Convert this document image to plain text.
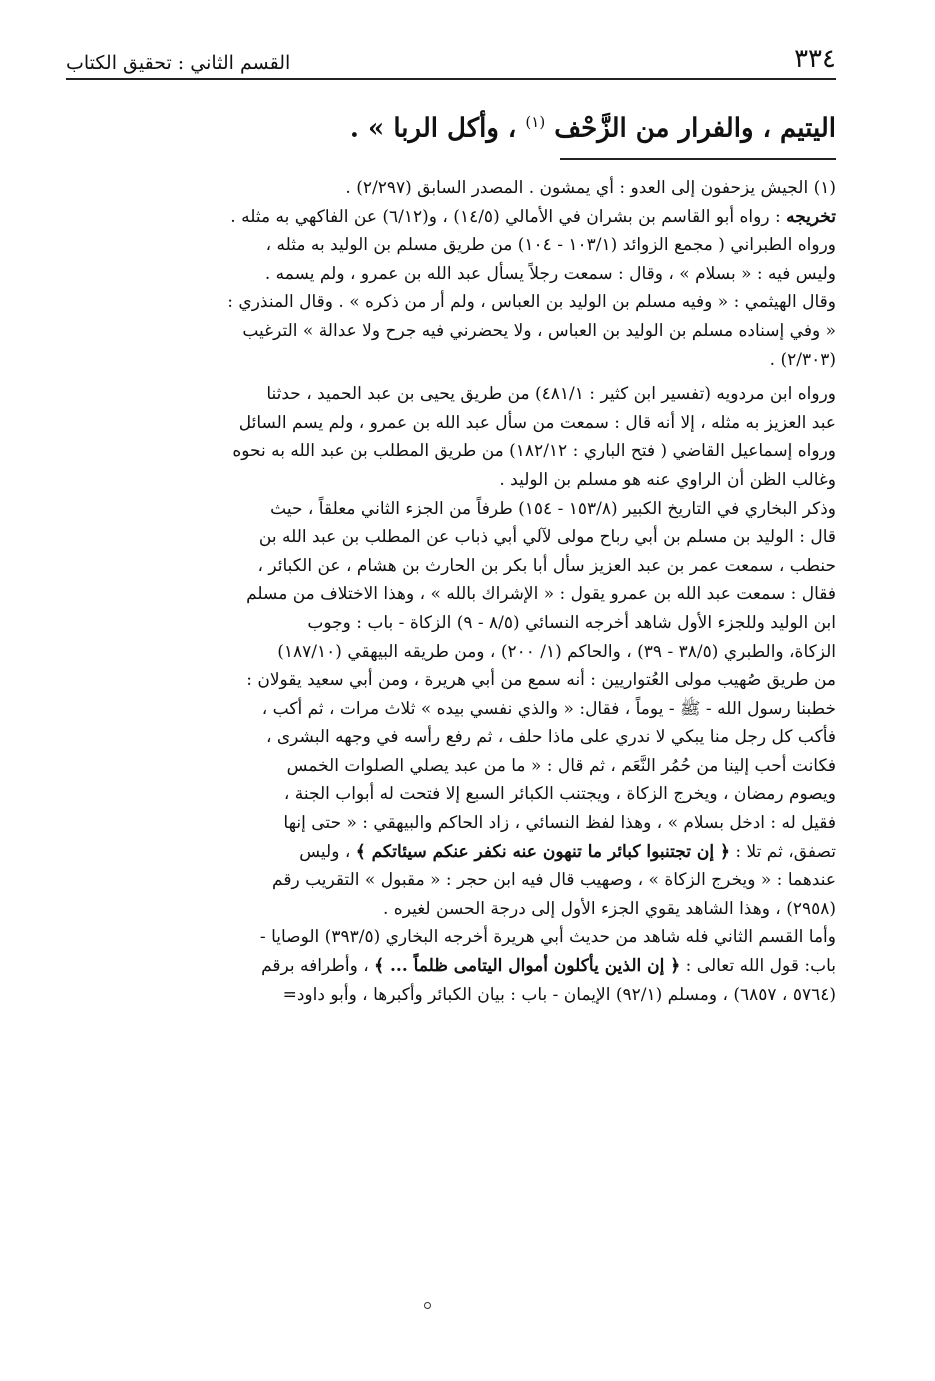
٣٣٤
القسم الثاني : تحقيق الكتاب
اليتيم ، والفرار من الزَّحْف $^{(١)}$ ، وأكل الربا » .
(١) الجيش يزحفون إلى العدو : أي يمشون . المصدر السابق (٢/٢٩٧) .
تخريجه : رواه أبو القاسم بن بشران في الأمالي (١٤/٥) ، و(٦/١٢) عن الفاكهي به مثله .
ورواه الطبراني ( مجمع الزوائد (١٠٣/١ - ١٠٤) من طريق مسلم بن الوليد به مثله ،
وليس فيه : « بسلام » ، وقال : سمعت رجلاً يسأل عبد الله بن عمرو ، ولم يسمه .
وقال الهيثمي : « وفيه مسلم بن الوليد بن العباس ، ولم أر من ذكره » . وقال المنذري :
« وفي إسناده مسلم بن الوليد بن العباس ، ولا يحضرني فيه جرح ولا عدالة » الترغيب
(٢/٣٠٣) .
ورواه ابن مردويه (تفسير ابن كثير : ٤٨١/١) من طريق يحيى بن عبد الحميد ، حدثنا
عبد العزيز به مثله ، إلا أنه قال : سمعت من سأل عبد الله بن عمرو ، ولم يسم السائل
ورواه إسماعيل القاضي ( فتح الباري : ١٨٢/١٢) من طريق المطلب بن عبد الله به نحوه
وغالب الظن أن الراوي عنه هو مسلم بن الوليد .
وذكر البخاري في التاريخ الكبير (١٥٣/٨ - ١٥٤) طرفاً من الجزء الثاني معلقاً ، حيث
قال : الوليد بن مسلم بن أبي رباح مولى لآلي أبي ذباب عن المطلب بن عبد الله بن
حنطب ، سمعت عمر بن عبد العزيز سأل أبا بكر بن الحارث بن هشام ، عن الكبائر ،
فقال : سمعت عبد الله بن عمرو يقول : « الإشراك بالله » ، وهذا الاختلاف من مسلم
ابن الوليد وللجزء الأول شاهد أخرجه النسائي (٨/٥ - ٩) الزكاة - باب : وجوب
الزكاة، والطبري (٣٨/٥ - ٣٩) ، والحاكم (١/ ٢٠٠) ، ومن طريقه البيهقي (١٨٧/١٠)
من طريق صُهيب مولى العُتواريين : أنه سمع من أبي هريرة ، ومن أبي سعيد يقولان :
خطبنا رسول الله - ﷺ - يوماً ، فقال: « والذي نفسي بيده » ثلاث مرات ، ثم أكب ،
فأكب كل رجل منا يبكي لا ندري على ماذا حلف ، ثم رفع رأسه في وجهه البشرى ،
فكانت أحب إلينا من حُمُر النَّعَم ، ثم قال : « ما من عبد يصلي الصلوات الخمس
ويصوم رمضان ، ويخرج الزكاة ، ويجتنب الكبائر السبع إلا فتحت له أبواب الجنة ،
فقيل له : ادخل بسلام » ، وهذا لفظ النسائي ، زاد الحاكم والبيهقي : « حتى إنها
تصفق، ثم تلا : ﴿ إن تجتنبوا كبائر ما تنهون عنه نكفر عنكم سيئاتكم ﴾ ، وليس
عندهما : « ويخرج الزكاة » ، وصهيب قال فيه ابن حجر : « مقبول » التقريب رقم
(٢٩٥٨) ، وهذا الشاهد يقوي الجزء الأول إلى درجة الحسن لغيره .
وأما القسم الثاني فله شاهد من حديث أبي هريرة أخرجه البخاري (٣٩٣/٥) الوصايا -
باب: قول الله تعالى : ﴿ إن الذين يأكلون أموال اليتامى ظلماً ... ﴾ ، وأطرافه برقم
(٥٧٦٤ ، ٦٨٥٧) ، ومسلم (٩٢/١) الإيمان - باب : بيان الكبائر وأكبرها ، وأبو داود=
